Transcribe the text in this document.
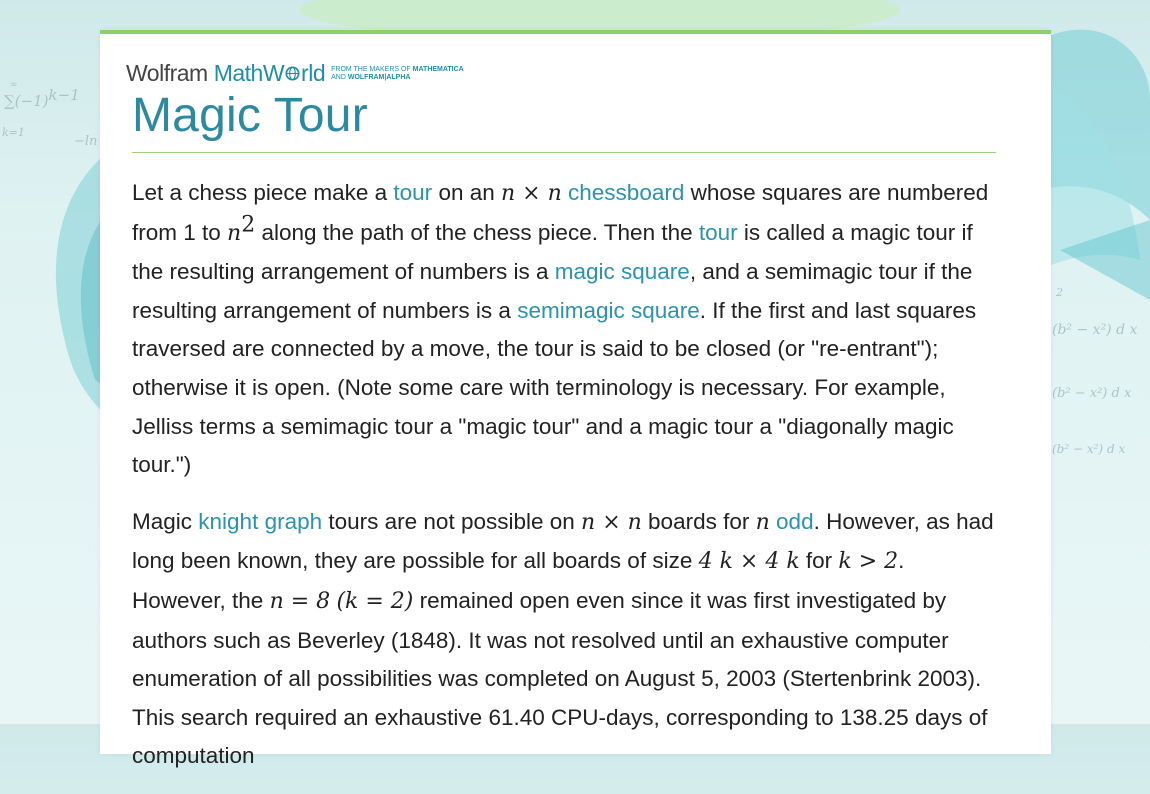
$\sum(-1)^{k-1}$
∞
k=1
−ln
(b² − x²) d x
(b² − x²) d x
(b² − x²) d x
2
Wolfram MathW rld FROM THE MAKERS OF MATHEMATICA
AND WOLFRAM|ALPHA
Magic Tour

Let a chess piece make a tour on an n × n chessboard whose squares are numbered from 1 to $n^2$ along the path of the chess piece. Then the tour is called a magic tour if the resulting arrangement of numbers is a magic square, and a semimagic tour if the resulting arrangement of numbers is a semimagic square. If the first and last squares traversed are connected by a move, the tour is said to be closed (or "re-entrant"); otherwise it is open. (Note some care with terminology is necessary. For example, Jelliss terms a semimagic tour a "magic tour" and a magic tour a "diagonally magic tour.")

Magic knight graph tours are not possible on n × n boards for n odd. However, as had long been known, they are possible for all boards of size 4 k × 4 k for k > 2. However, the n = 8 (k = 2) remained open even since it was first investigated by authors such as Beverley (1848). It was not resolved until an exhaustive computer enumeration of all possibilities was completed on August 5, 2003 (Stertenbrink 2003). This search required an exhaustive 61.40 CPU-days, corresponding to 138.25 days of computation
